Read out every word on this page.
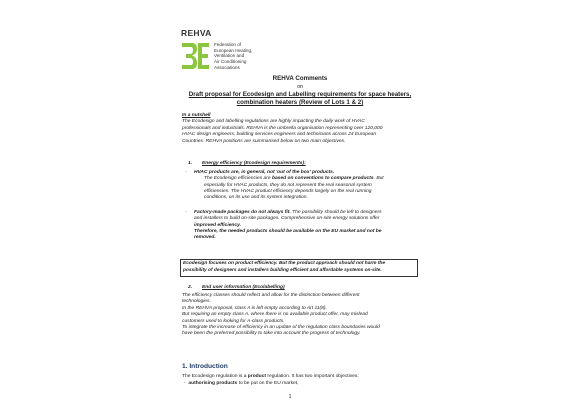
REHVA
Federation of
European Heating,
Ventilation and
Air Conditioning
Associations
REHVA Comments
on
Draft proposal for Ecodesign and Labelling requirements for space heaters,
combination heaters (Review of Lots 1 & 2)
In a nutshell
The Ecodesign and labelling regulations are highly impacting the daily work of HVAC
professionals and industrials. REHVA is the umbrella organisation representing over 120,000
HVAC design engineers, building services engineers and technicians across 24 European
Countries. REHVA positions are summarised below on two main objectives.
1. Energy efficiency (Ecodesign requirements):
- HVAC products are, in general, not 'out of the box' products.
The Ecodesign efficiencies are based on conventions to compare products. But
especially for HVAC products, they do not represent the real seasonal system
efficiencies. The HVAC product efficiency depends largely on the real running
conditions, on its use and its system integration.
- Factory-made packages do not always fit. The possibility should be left to designers
and installers to build on-site packages. Comprehensive on-site energy solutions offer
improved efficiency.
Therefore, the needed products should be available on the EU market and not be
removed.
Ecodesign focuses on product efficiency. But the product approach should not harm the
possibility of designers and installers building efficient and affordable systems on-site.
2. End user information (Ecolabelling)
The efficiency classes should reflect and allow for the distinction between different
technologies.
In the REHVA proposal, class A is left empty according to Art 11(8).
But requiring an empty class A, where there is no available product offer, may mislead
customers used to looking for A-class products.
To integrate the increase of efficiency in an update of the regulation class boundaries would
have been the preferred possibility to take into account the progress of technology.
1. Introduction
The Ecodesign regulation is a product regulation. It has two important objectives:
-  authorising products to be put on the EU market,
1
